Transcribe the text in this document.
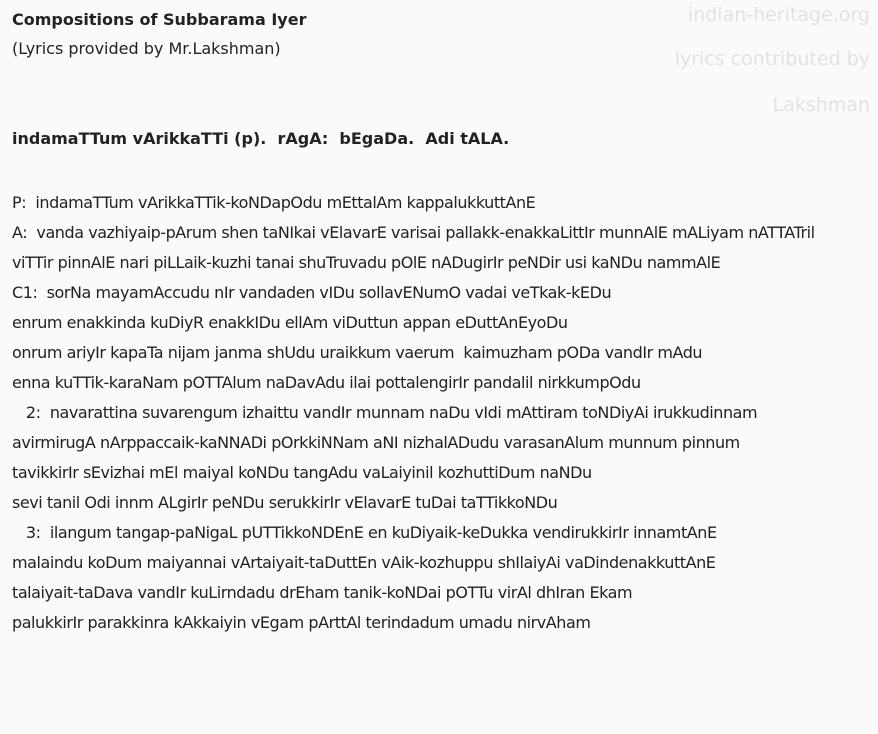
Compositions of Subbarama Iyer
(Lyrics provided by Mr.Lakshman)
indian-heritage.org
lyrics contributed by
Lakshman
indamaTTum vArikkaTTi (p).  rAgA:  bEgaDa.  Adi tALA.
P:  indamaTTum vArikkaTTik-koNDapOdu mEttalAm kappalukkuttAnE
A:  vanda vazhiyaip-pArum shen taNIkai vElavarE varisai pallakk-enakkaLittIr munnAlE mALiyam nATTATril
viTTir pinnAlE nari piLLaik-kuzhi tanai shuTruvadu pOlE nADugirIr peNDir usi kaNDu nammAlE
C1:  sorNa mayamAccudu nIr vandaden vIDu sollavENumO vadai veTkak-kEDu
enrum enakkinda kuDiyR enakkIDu ellAm viDuttun appan eDuttAnEyoDu
onrum ariyIr kapaTa nijam janma shUdu uraikkum vaerum  kaimuzham pODa vandIr mAdu
enna kuTTik-karaNam pOTTAlum naDavAdu ilai pottalengirIr pandalil nirkkumpOdu
2:  navarattina suvarengum izhaittu vandIr munnam naDu vIdi mAttiram toNDiyAi irukkudinnam
avirmirugA nArppaccaik-kaNNADi pOrkkiNNam aNI nizhalADudu varasanAlum munnum pinnum
tavikkirIr sEvizhai mEl maiyal koNDu tangAdu vaLaiyinil kozhuttiDum naNDu
sevi tanil Odi innm ALgirIr peNDu serukkirIr vElavarE tuDai taTTikkoNDu
3:  ilangum tangap-paNigaL pUTTikkoNDEnE en kuDiyaik-keDukka vendirukkirIr innamtAnE
malaindu koDum maiyannai vArtaiyait-taDuttEn vAik-kozhuppu shIlaiyAi vaDindenakkuttAnE
talaiyait-taDava vandIr kuLirndadu drEham tanik-koNDai pOTTu virAl dhIran Ekam
palukkirIr parakkinra kAkkaiyin vEgam pArttAl terindadum umadu nirvAham
